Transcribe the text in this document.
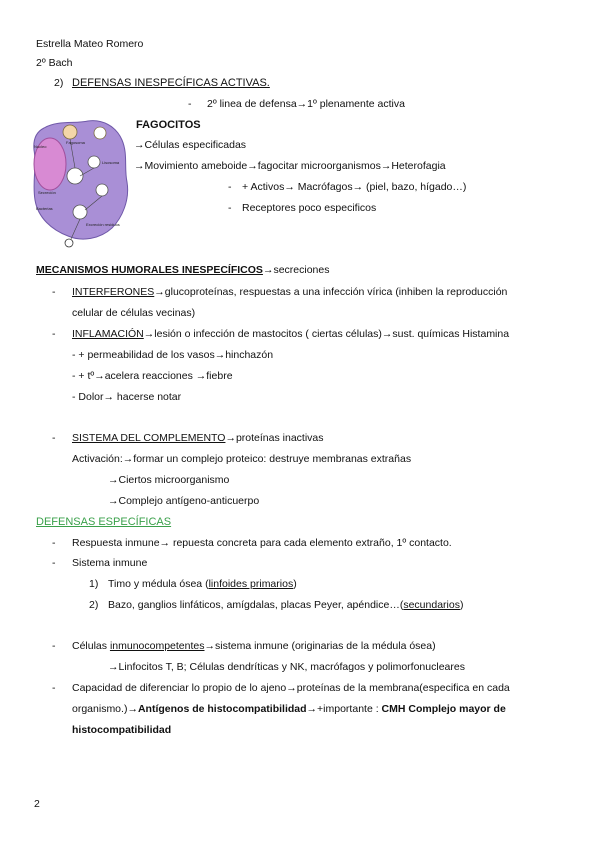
Estrella Mateo Romero
2º Bach
2) DEFENSAS INESPECÍFICAS ACTIVAS.
- 2º linea de defensa→1º plenamente activa
Nucleo
Fagosoma
Lisosoma
Secreción
Bacterias
Excreción residuos
FAGOCITOS
→Células especificadas
→Movimiento ameboide→fagocitar microorganismos→Heterofagia
- + Activos→ Macrófagos→ (piel, bazo, hígado…)
- Receptores poco especificos
MECANISMOS HUMORALES INESPECÍFICOS→secreciones
- INTERFERONES→glucoproteínas, respuestas a una infección vírica (inhiben la reproducción
celular de células vecinas)
- INFLAMACIÓN→lesión o infección de mastocitos ( ciertas células)→sust. químicas Histamina
- + permeabilidad de los vasos→hinchazón
- + tº→acelera reacciones →fiebre
- Dolor→ hacerse notar
- SISTEMA DEL COMPLEMENTO→proteínas inactivas
Activación:→formar un complejo proteico: destruye membranas extrañas
→Ciertos microorganismo
→Complejo antígeno-anticuerpo
DEFENSAS ESPECÍFICAS
- Respuesta inmune→ repuesta concreta para cada elemento extraño, 1º contacto.
- Sistema inmune
1) Timo y médula ósea (linfoides primarios)
2) Bazo, ganglios linfáticos, amígdalas, placas Peyer, apéndice…(secundarios)
- Células inmunocompetentes→sistema inmune (originarias de la médula ósea)
→Linfocitos T, B; Células dendríticas y NK, macrófagos y polimorfonucleares
- Capacidad de diferenciar lo propio de lo ajeno→proteínas de la membrana(especifica en cada
organismo.)→Antígenos de histocompatibilidad→+importante : CMH Complejo mayor de
histocompatibilidad
2
